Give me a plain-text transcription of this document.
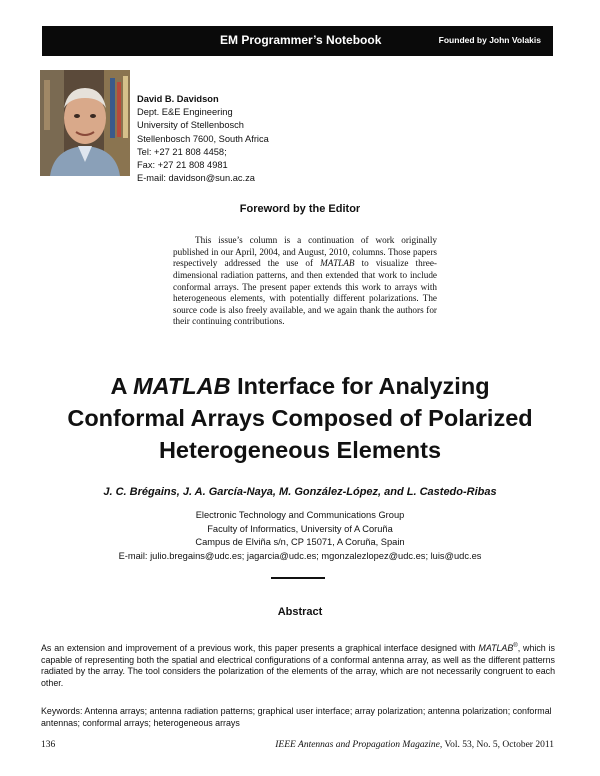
EM Programmer’s Notebook	Founded by John Volakis
David B. Davidson
Dept. E&E Engineering
University of Stellenbosch
Stellenbosch 7600, South Africa
Tel: +27 21 808 4458;
Fax: +27 21 808 4981
E-mail: davidson@sun.ac.za
Foreword by the Editor

This issue’s column is a continuation of work originally published in our April, 2004, and August, 2010, columns. Those papers respectively addressed the use of MATLAB to visualize three-dimensional radiation patterns, and then extended that work to include conformal arrays. The present paper extends this work to arrays with heterogeneous elements, with potentially different polarizations. The source code is also freely available, and we again thank the authors for their continuing contributions.

A MATLAB Interface for Analyzing
Conformal Arrays Composed of Polarized
Heterogeneous Elements
J. C. Brégains, J. A. García-Naya, M. González-López, and L. Castedo-Ribas
Electronic Technology and Communications Group
Faculty of Informatics, University of A Coruña
Campus de Elviña s/n, CP 15071, A Coruña, Spain
E-mail: julio.bregains@udc.es; jagarcia@udc.es; mgonzalezlopez@udc.es; luis@udc.es
Abstract

As an extension and improvement of a previous work, this paper presents a graphical interface designed with MATLAB®, which is capable of representing both the spatial and electrical configurations of a conformal antenna array, as well as the different patterns radiated by the array. The tool considers the polarization of the elements of the array, which are not necessarily congruent to each other.

Keywords: Antenna arrays; antenna radiation patterns; graphical user interface; array polarization; antenna polarization; conformal antennas; conformal arrays; heterogeneous arrays

136	IEEE Antennas and Propagation Magazine, Vol. 53, No. 5, October 2011
